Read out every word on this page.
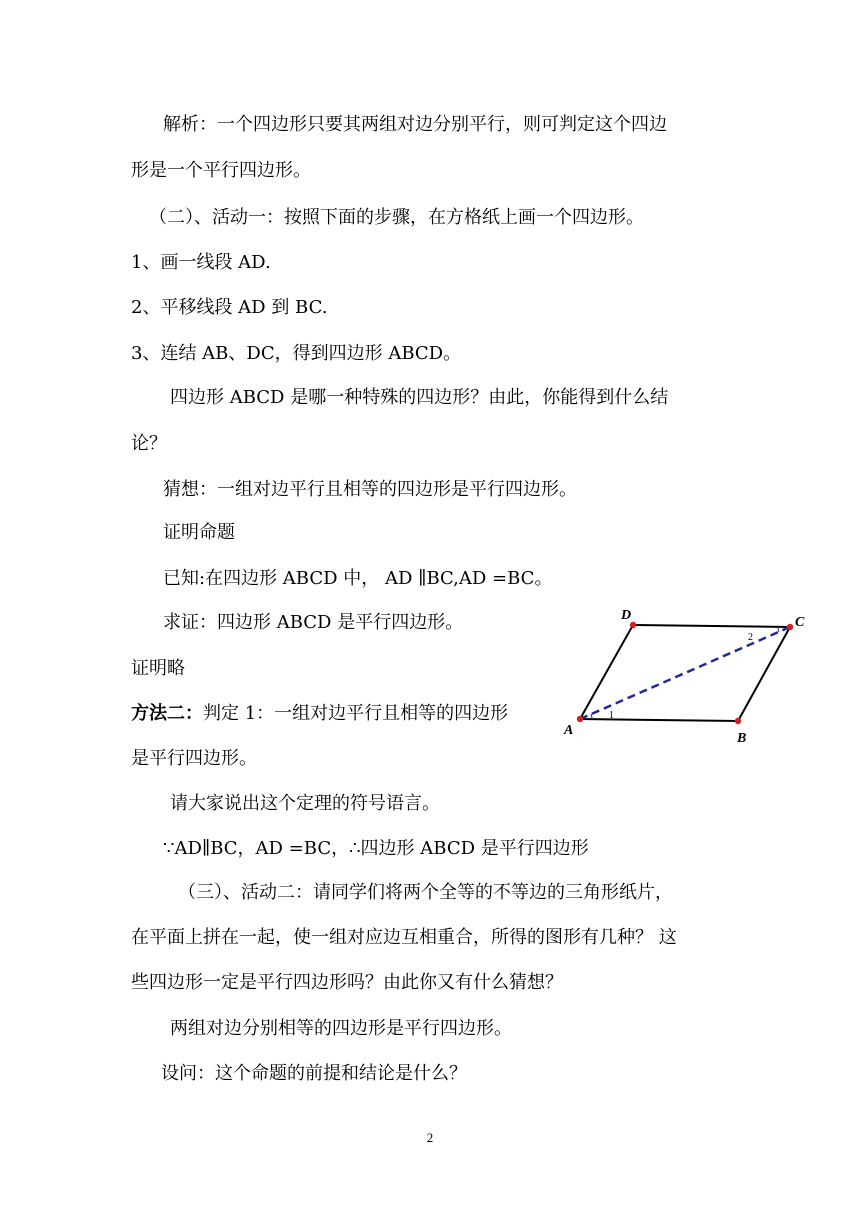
解析：一个四边形只要其两组对边分别平行，则可判定这个四边
形是一个平行四边形。
（二）、活动一：按照下面的步骤，在方格纸上画一个四边形。
1、画一线段 AD.
2、平移线段 AD 到 BC.
3、连结 AB、DC，得到四边形 ABCD。
四边形 ABCD 是哪一种特殊的四边形？由此，你能得到什么结
论？
猜想：一组对边平行且相等的四边形是平行四边形。
证明命题
已知:在四边形 ABCD 中， AD ∥BC,AD =BC。
求证：四边形 ABCD 是平行四边形。
证明略
方法二：判定 1：一组对边平行且相等的四边形
是平行四边形。
请大家说出这个定理的符号语言。
∵AD∥BC，AD =BC，∴四边形 ABCD 是平行四边形
（三）、活动二：请同学们将两个全等的不等边的三角形纸片，
在平面上拼在一起，使一组对应边互相重合，所得的图形有几种？ 这
些四边形一定是平行四边形吗？由此你又有什么猜想？
两组对边分别相等的四边形是平行四边形。
设问：这个命题的前提和结论是什么？
A
B
C
D
1
2
2
